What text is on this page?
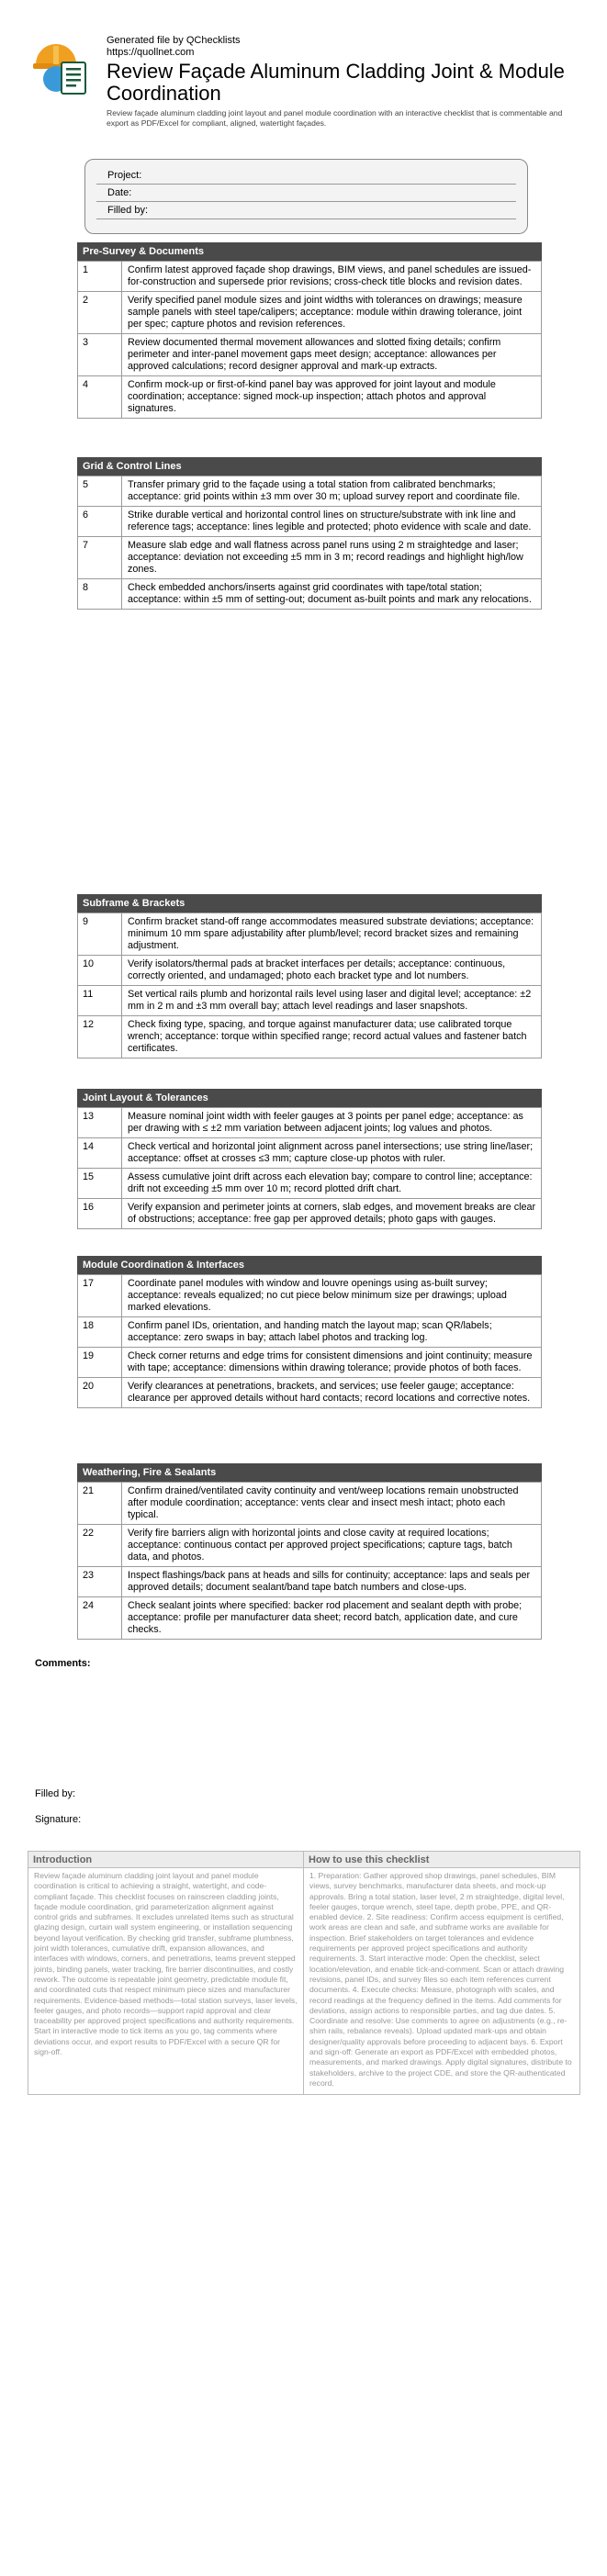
Generated file by QChecklists
https://quollnet.com
Review Façade Aluminum Cladding Joint & Module Coordination
Review façade aluminum cladding joint layout and panel module coordination with an interactive checklist that is commentable and export as PDF/Excel for compliant, aligned, watertight façades.
Project:
Date:
Filled by:
Pre-Survey & Documents
1	Confirm latest approved façade shop drawings, BIM views, and panel schedules are issued-for-construction and supersede prior revisions; cross-check title blocks and revision dates.
2	Verify specified panel module sizes and joint widths with tolerances on drawings; measure sample panels with steel tape/calipers; acceptance: module within drawing tolerance, joint per spec; capture photos and revision references.
3	Review documented thermal movement allowances and slotted fixing details; confirm perimeter and inter-panel movement gaps meet design; acceptance: allowances per approved calculations; record designer approval and mark-up extracts.
4	Confirm mock-up or first-of-kind panel bay was approved for joint layout and module coordination; acceptance: signed mock-up inspection; attach photos and approval signatures.
Grid & Control Lines
5	Transfer primary grid to the façade using a total station from calibrated benchmarks; acceptance: grid points within ±3 mm over 30 m; upload survey report and coordinate file.
6	Strike durable vertical and horizontal control lines on structure/substrate with ink line and reference tags; acceptance: lines legible and protected; photo evidence with scale and date.
7	Measure slab edge and wall flatness across panel runs using 2 m straightedge and laser; acceptance: deviation not exceeding ±5 mm in 3 m; record readings and highlight high/low zones.
8	Check embedded anchors/inserts against grid coordinates with tape/total station; acceptance: within ±5 mm of setting-out; document as-built points and mark any relocations.
Subframe & Brackets
9	Confirm bracket stand-off range accommodates measured substrate deviations; acceptance: minimum 10 mm spare adjustability after plumb/level; record bracket sizes and remaining adjustment.
10	Verify isolators/thermal pads at bracket interfaces per details; acceptance: continuous, correctly oriented, and undamaged; photo each bracket type and lot numbers.
11	Set vertical rails plumb and horizontal rails level using laser and digital level; acceptance: ±2 mm in 2 m and ±3 mm overall bay; attach level readings and laser snapshots.
12	Check fixing type, spacing, and torque against manufacturer data; use calibrated torque wrench; acceptance: torque within specified range; record actual values and fastener batch certificates.
Joint Layout & Tolerances
13	Measure nominal joint width with feeler gauges at 3 points per panel edge; acceptance: as per drawing with ≤ ±2 mm variation between adjacent joints; log values and photos.
14	Check vertical and horizontal joint alignment across panel intersections; use string line/laser; acceptance: offset at crosses ≤3 mm; capture close-up photos with ruler.
15	Assess cumulative joint drift across each elevation bay; compare to control line; acceptance: drift not exceeding ±5 mm over 10 m; record plotted drift chart.
16	Verify expansion and perimeter joints at corners, slab edges, and movement breaks are clear of obstructions; acceptance: free gap per approved details; photo gaps with gauges.
Module Coordination & Interfaces
17	Coordinate panel modules with window and louvre openings using as-built survey; acceptance: reveals equalized; no cut piece below minimum size per drawings; upload marked elevations.
18	Confirm panel IDs, orientation, and handing match the layout map; scan QR/labels; acceptance: zero swaps in bay; attach label photos and tracking log.
19	Check corner returns and edge trims for consistent dimensions and joint continuity; measure with tape; acceptance: dimensions within drawing tolerance; provide photos of both faces.
20	Verify clearances at penetrations, brackets, and services; use feeler gauge; acceptance: clearance per approved details without hard contacts; record locations and corrective notes.
Weathering, Fire & Sealants
21	Confirm drained/ventilated cavity continuity and vent/weep locations remain unobstructed after module coordination; acceptance: vents clear and insect mesh intact; photo each typical.
22	Verify fire barriers align with horizontal joints and close cavity at required locations; acceptance: continuous contact per approved project specifications; capture tags, batch data, and photos.
23	Inspect flashings/back pans at heads and sills for continuity; acceptance: laps and seals per approved details; document sealant/band tape batch numbers and close-ups.
24	Check sealant joints where specified: backer rod placement and sealant depth with probe; acceptance: profile per manufacturer data sheet; record batch, application date, and cure checks.
Comments:
Filled by:
Signature:
Introduction
Review façade aluminum cladding joint layout and panel module coordination is critical to achieving a straight, watertight, and code-compliant façade. This checklist focuses on rainscreen cladding joints, façade module coordination, grid parameterization alignment against control grids and subframes. It excludes unrelated items such as structural glazing design, curtain wall system engineering, or installation sequencing beyond layout verification. By checking grid transfer, subframe plumbness, joint width tolerances, cumulative drift, expansion allowances, and interfaces with windows, corners, and penetrations, teams prevent stepped joints, binding panels, water tracking, fire barrier discontinuities, and costly rework. The outcome is repeatable joint geometry, predictable module fit, and coordinated cuts that respect minimum piece sizes and manufacturer requirements. Evidence-based methods—total station surveys, laser levels, feeler gauges, and photo records—support rapid approval and clear traceability per approved project specifications and authority requirements. Start in interactive mode to tick items as you go, tag comments where deviations occur, and export results to PDF/Excel with a secure QR for sign-off.
How to use this checklist
1. Preparation: Gather approved shop drawings, panel schedules, BIM views, survey benchmarks, manufacturer data sheets, and mock-up approvals. Bring a total station, laser level, 2 m straightedge, digital level, feeler gauges, torque wrench, steel tape, depth probe, PPE, and QR-enabled device. 2. Site readiness: Confirm access equipment is certified, work areas are clean and safe, and subframe works are available for inspection. Brief stakeholders on target tolerances and evidence requirements per approved project specifications and authority requirements. 3. Start interactive mode: Open the checklist, select location/elevation, and enable tick-and-comment. Scan or attach drawing revisions, panel IDs, and survey files so each item references current documents. 4. Execute checks: Measure, photograph with scales, and record readings at the frequency defined in the items. Add comments for deviations, assign actions to responsible parties, and tag due dates. 5. Coordinate and resolve: Use comments to agree on adjustments (e.g., re-shim rails, rebalance reveals). Upload updated mark-ups and obtain designer/quality approvals before proceeding to adjacent bays. 6. Export and sign-off: Generate an export as PDF/Excel with embedded photos, measurements, and marked drawings. Apply digital signatures, distribute to stakeholders, archive to the project CDE, and store the QR-authenticated record.
